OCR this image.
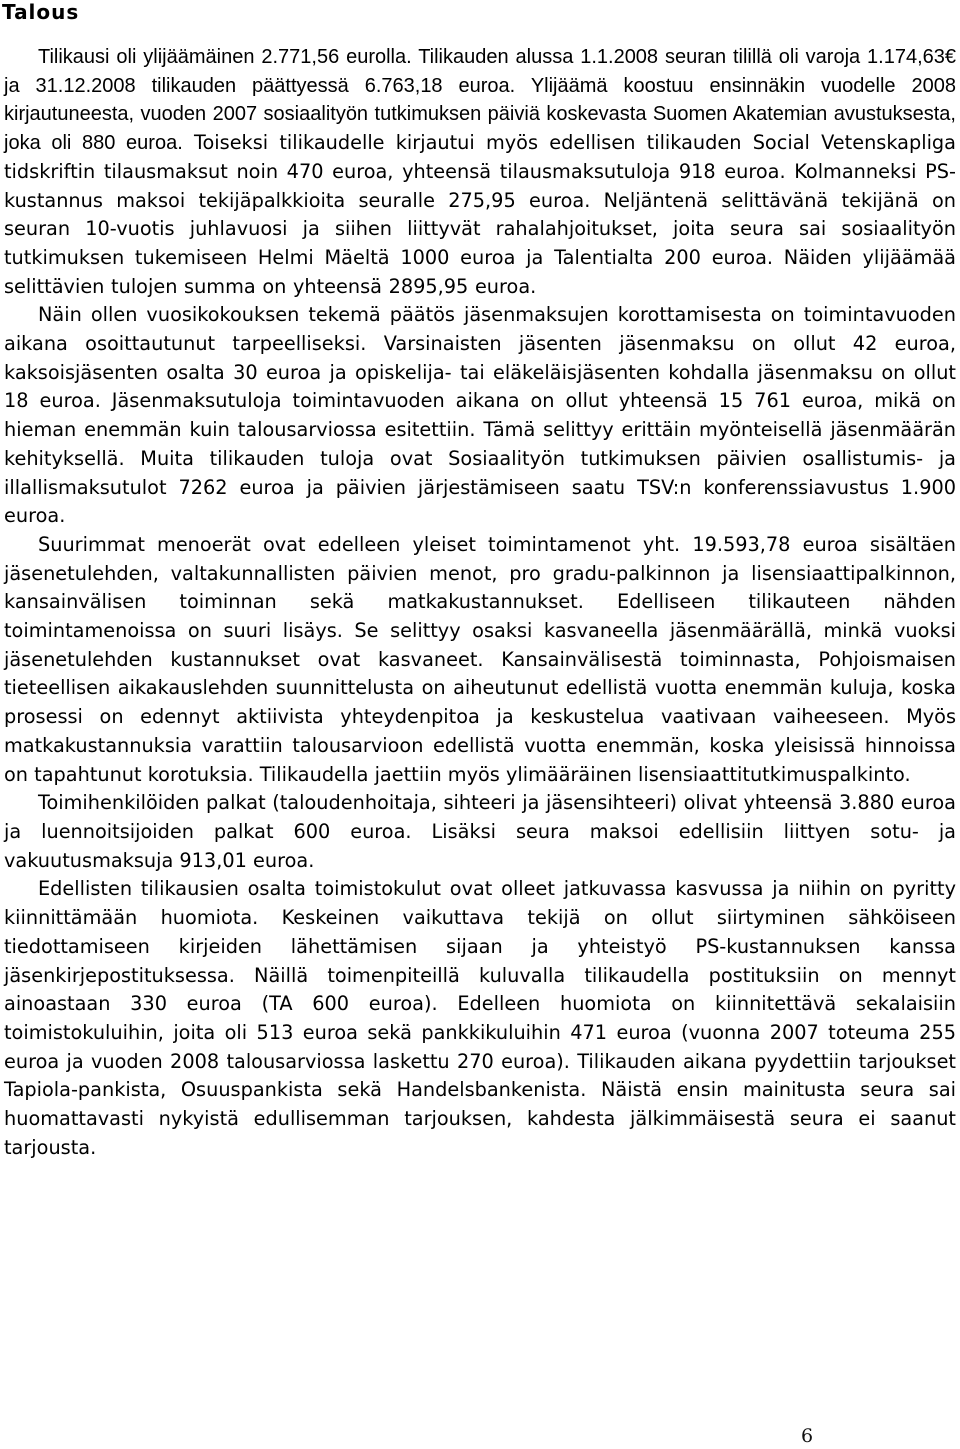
Talous

Tilikausi oli ylijäämäinen 2.771,56 eurolla. Tilikauden alussa 1.1.2008 seuran tilillä oli varoja 1.174,63€ ja 31.12.2008 tilikauden päättyessä 6.763,18 euroa. Ylijäämä koostuu ensinnäkin vuodelle 2008 kirjautuneesta, vuoden 2007 sosiaalityön tutkimuksen päiviä koskevasta Suomen Akatemian avustuksesta, joka oli 880 euroa. Toiseksi tilikaudelle kirjautui myös edellisen tilikauden Social Vetenskapliga tidskriftin tilausmaksut noin 470 euroa, yhteensä tilausmaksutuloja 918 euroa. Kolmanneksi PS-kustannus maksoi tekijäpalkkioita seuralle 275,95 euroa. Neljäntenä selittävänä tekijänä on seuran 10-vuotis juhlavuosi ja siihen liittyvät rahalahjoitukset, joita seura sai sosiaalityön tutkimuksen tukemiseen Helmi Mäeltä 1000 euroa ja Talentialta 200 euroa. Näiden ylijäämää selittävien tulojen summa on yhteensä 2895,95 euroa.

Näin ollen vuosikokouksen tekemä päätös jäsenmaksujen korottamisesta on toimintavuoden aikana osoittautunut tarpeelliseksi. Varsinaisten jäsenten jäsenmaksu on ollut 42 euroa, kaksoisjäsenten osalta 30 euroa ja opiskelija- tai eläkeläisjäsenten kohdalla jäsenmaksu on ollut 18 euroa. Jäsenmaksutuloja toimintavuoden aikana on ollut yhteensä 15 761 euroa, mikä on hieman enemmän kuin talousarviossa esitettiin. Tämä selittyy erittäin myönteisellä jäsenmäärän kehityksellä. Muita tilikauden tuloja ovat Sosiaalityön tutkimuksen päivien osallistumis- ja illallismaksutulot 7262 euroa ja päivien järjestämiseen saatu TSV:n konferenssiavustus 1.900 euroa.

Suurimmat menoerät ovat edelleen yleiset toimintamenot yht. 19.593,78 euroa sisältäen jäsenetulehden, valtakunnallisten päivien menot, pro gradu-palkinnon ja lisensiaattipalkinnon, kansainvälisen toiminnan sekä matkakustannukset. Edelliseen tilikauteen nähden toimintamenoissa on suuri lisäys. Se selittyy osaksi kasvaneella jäsenmäärällä, minkä vuoksi jäsenetulehden kustannukset ovat kasvaneet. Kansainvälisestä toiminnasta, Pohjoismaisen tieteellisen aikakauslehden suunnittelusta on aiheutunut edellistä vuotta enemmän kuluja, koska prosessi on edennyt aktiivista yhteydenpitoa ja keskustelua vaativaan vaiheeseen. Myös matkakustannuksia varattiin talousarvioon edellistä vuotta enemmän, koska yleisissä hinnoissa on tapahtunut korotuksia. Tilikaudella jaettiin myös ylimääräinen lisensiaattitutkimuspalkinto.

Toimihenkilöiden palkat (taloudenhoitaja, sihteeri ja jäsensihteeri) olivat yhteensä 3.880 euroa ja luennoitsijoiden palkat 600 euroa. Lisäksi seura maksoi edellisiin liittyen sotu- ja vakuutusmaksuja 913,01 euroa.

Edellisten tilikausien osalta toimistokulut ovat olleet jatkuvassa kasvussa ja niihin on pyritty kiinnittämään huomiota. Keskeinen vaikuttava tekijä on ollut siirtyminen sähköiseen tiedottamiseen kirjeiden lähettämisen sijaan ja yhteistyö PS-kustannuksen kanssa jäsenkirjepostituksessa. Näillä toimenpiteillä kuluvalla tilikaudella postituksiin on mennyt ainoastaan 330 euroa (TA 600 euroa). Edelleen huomiota on kiinnitettävä sekalaisiin toimistokuluihin, joita oli 513 euroa sekä pankkikuluihin 471 euroa (vuonna 2007 toteuma 255 euroa ja vuoden 2008 talousarviossa laskettu 270 euroa). Tilikauden aikana pyydettiin tarjoukset Tapiola-pankista, Osuuspankista sekä Handelsbankenista. Näistä ensin mainitusta seura sai huomattavasti nykyistä edullisemman tarjouksen, kahdesta jälkimmäisestä seura ei saanut tarjousta.

6
